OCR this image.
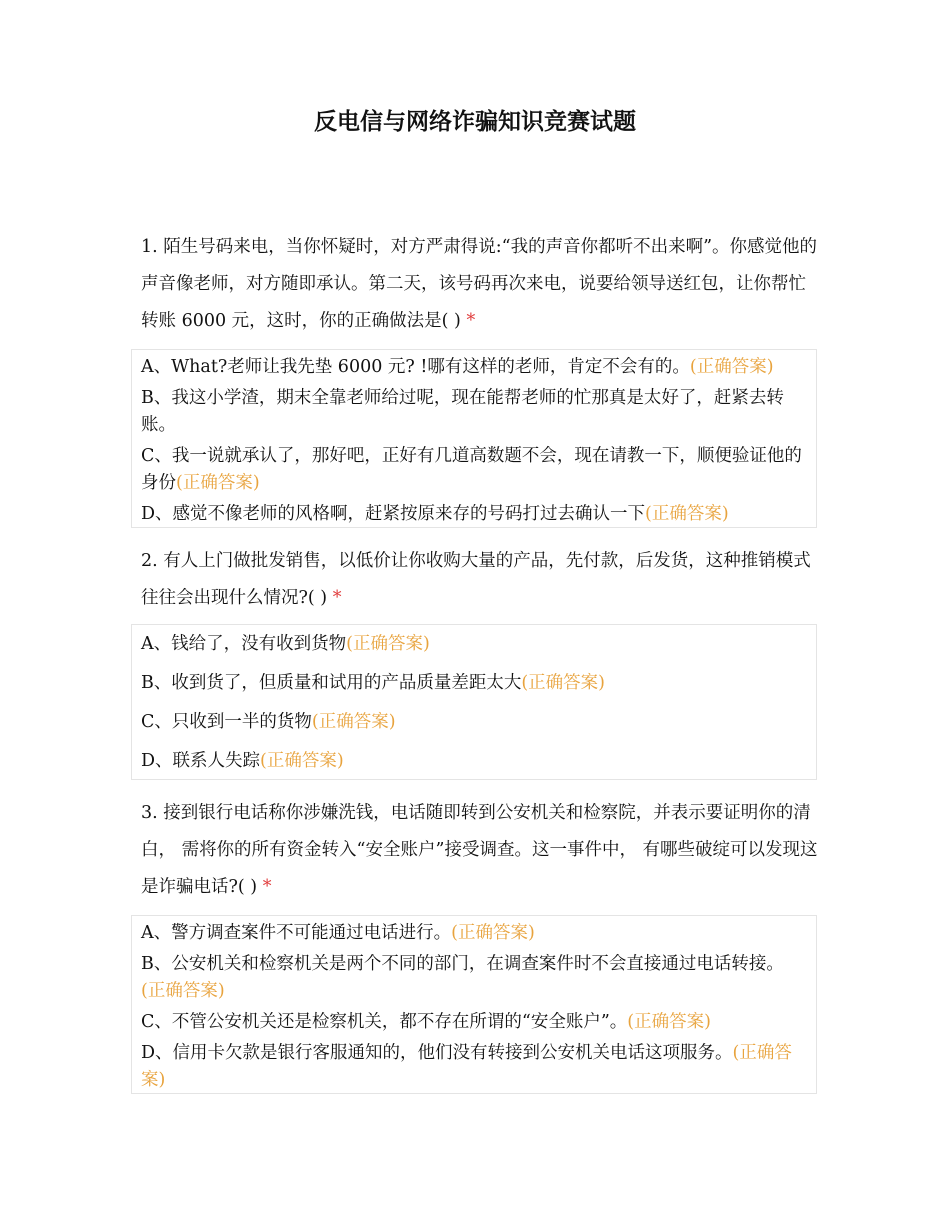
反电信与网络诈骗知识竞赛试题
1. 陌生号码来电，当你怀疑时，对方严肃得说:“我的声音你都听不出来啊”。你感觉他的声音像老师，对方随即承认。第二天，该号码再次来电，说要给领导送红包，让你帮忙转账 6000 元，这时，你的正确做法是( ) *
A、What?老师让我先垫 6000 元? !哪有这样的老师，肯定不会有的。(正确答案)
B、我这小学渣，期末全靠老师给过呢，现在能帮老师的忙那真是太好了，赶紧去转账。
C、我一说就承认了，那好吧，正好有几道高数题不会，现在请教一下，顺便验证他的身份(正确答案)
D、感觉不像老师的风格啊，赶紧按原来存的号码打过去确认一下(正确答案)
2. 有人上门做批发销售，以低价让你收购大量的产品，先付款，后发货，这种推销模式往往会出现什么情况?( ) *
A、钱给了，没有收到货物(正确答案)
B、收到货了，但质量和试用的产品质量差距太大(正确答案)
C、只收到一半的货物(正确答案)
D、联系人失踪(正确答案)
3. 接到银行电话称你涉嫌洗钱，电话随即转到公安机关和检察院，并表示要证明你的清白， 需将你的所有资金转入“安全账户”接受调查。这一事件中， 有哪些破绽可以发现这是诈骗电话?( ) *
A、警方调查案件不可能通过电话进行。(正确答案)
B、公安机关和检察机关是两个不同的部门，在调查案件时不会直接通过电话转接。(正确答案)
C、不管公安机关还是检察机关，都不存在所谓的“安全账户”。(正确答案)
D、信用卡欠款是银行客服通知的，他们没有转接到公安机关电话这项服务。(正确答案)
